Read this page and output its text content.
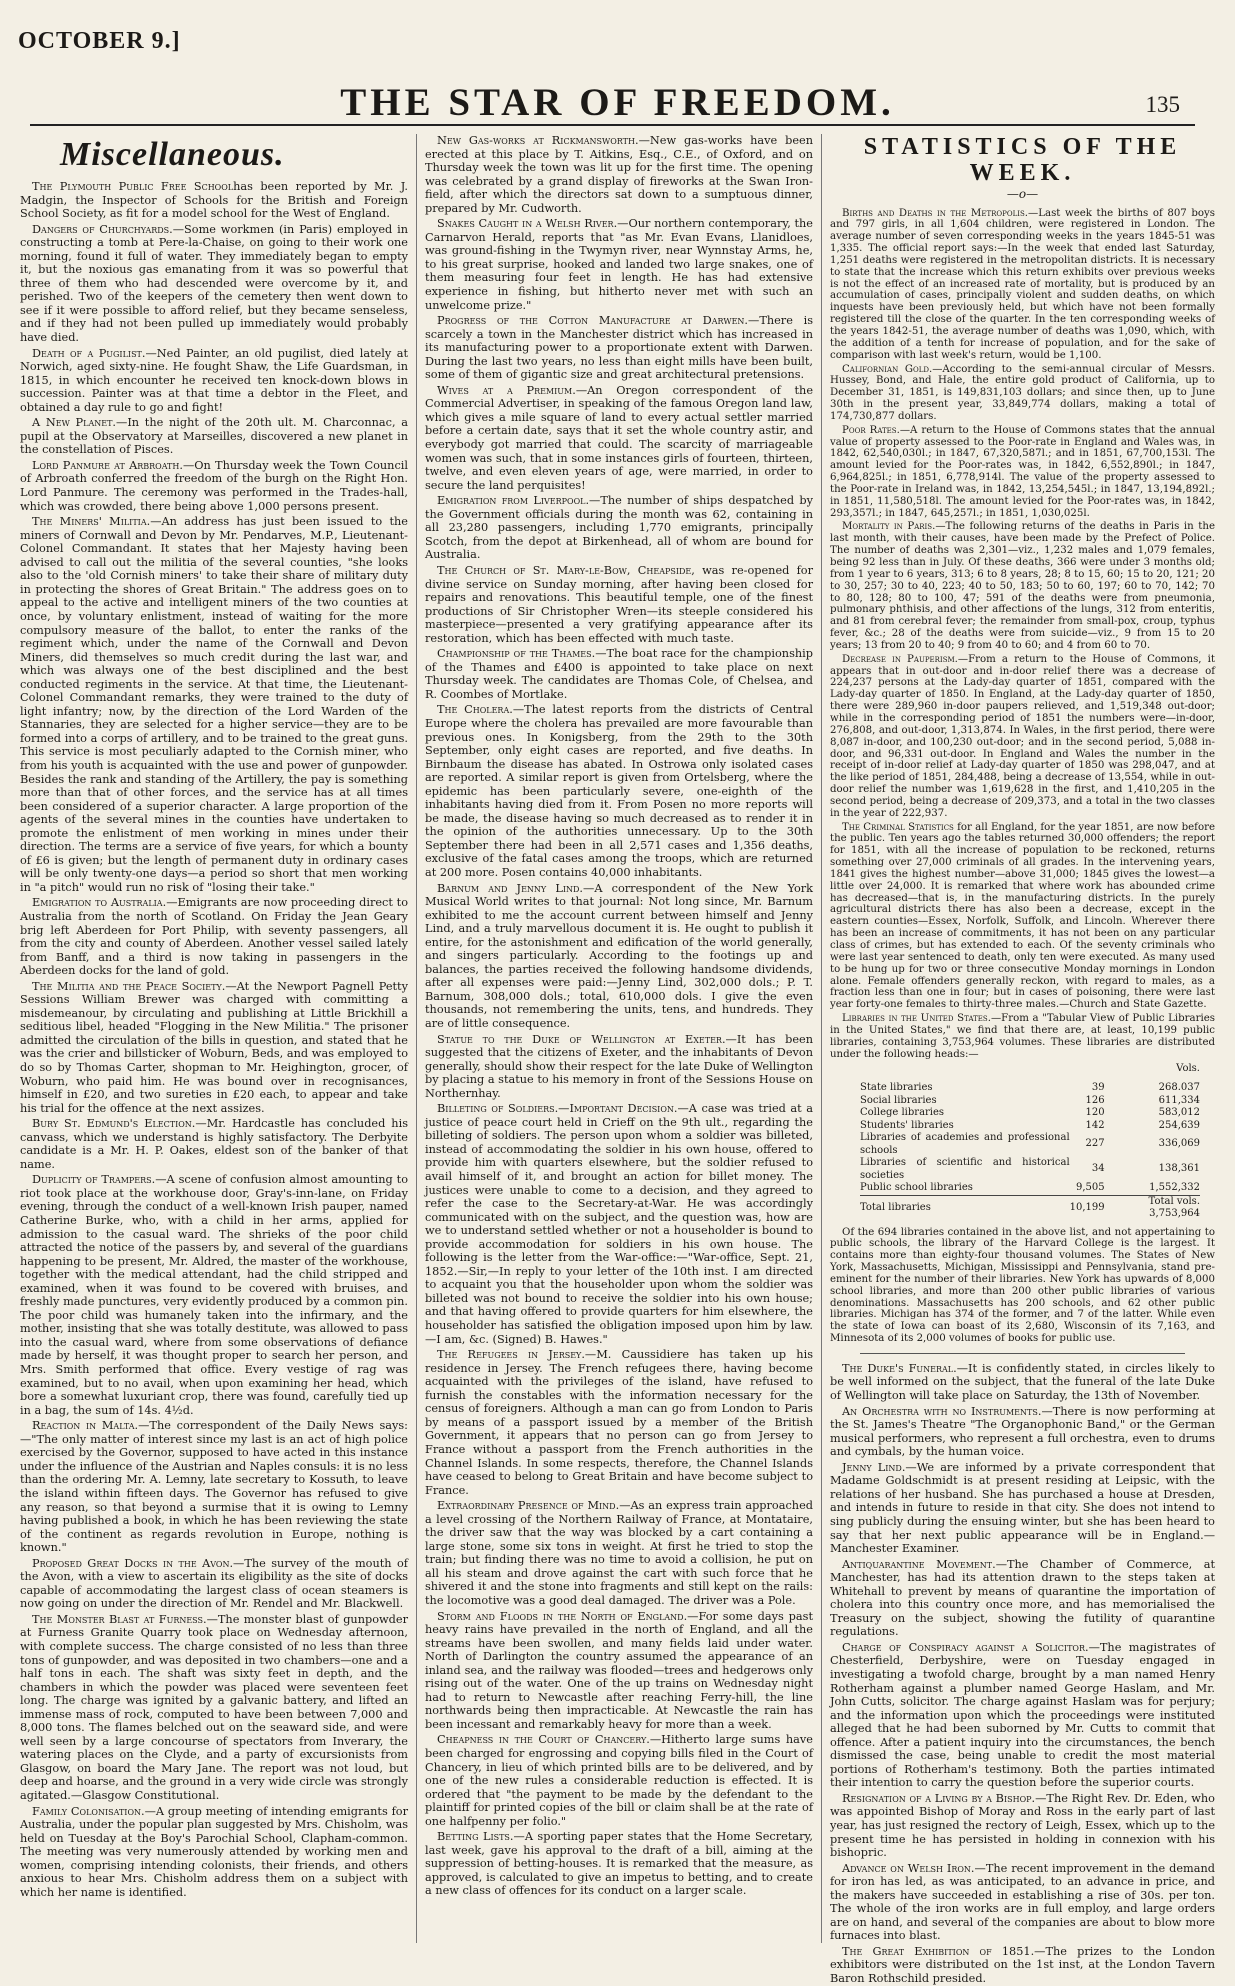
OCTOBER 9.]
THE STAR OF FREEDOM.	135
Miscellaneous.

The Plymouth Public Free Schoolhas been reported by Mr. J. Madgin, the Inspector of Schools for the British and Foreign School Society, as fit for a model school for the West of England.

Dangers of Churchyards.—Some workmen (in Paris) employed in constructing a tomb at Pere-la-Chaise, on going to their work one morning, found it full of water. They immediately began to empty it, but the noxious gas emanating from it was so powerful that three of them who had descended were overcome by it, and perished. Two of the keepers of the cemetery then went down to see if it were possible to afford relief, but they became senseless, and if they had not been pulled up immediately would probably have died.

Death of a Pugilist.—Ned Painter, an old pugilist, died lately at Norwich, aged sixty-nine. He fought Shaw, the Life Guardsman, in 1815, in which encounter he received ten knock-down blows in succession. Painter was at that time a debtor in the Fleet, and obtained a day rule to go and fight!

A New Planet.—In the night of the 20th ult. M. Charconnac, a pupil at the Observatory at Marseilles, discovered a new planet in the constellation of Pisces.

Lord Panmure at Arbroath.—On Thursday week the Town Council of Arbroath conferred the freedom of the burgh on the Right Hon. Lord Panmure. The ceremony was performed in the Trades-hall, which was crowded, there being above 1,000 persons present.

The Miners' Militia.—An address has just been issued to the miners of Cornwall and Devon by Mr. Pendarves, M.P., Lieutenant-Colonel Commandant. It states that her Majesty having been advised to call out the militia of the several counties, "she looks also to the 'old Cornish miners' to take their share of military duty in protecting the shores of Great Britain." The address goes on to appeal to the active and intelligent miners of the two counties at once, by voluntary enlistment, instead of waiting for the more compulsory measure of the ballot, to enter the ranks of the regiment which, under the name of the Cornwall and Devon Miners, did themselves so much credit during the last war, and which was always one of the best disciplined and the best conducted regiments in the service. At that time, the Lieutenant-Colonel Commandant remarks, they were trained to the duty of light infantry; now, by the direction of the Lord Warden of the Stannaries, they are selected for a higher service—they are to be formed into a corps of artillery, and to be trained to the great guns. This service is most peculiarly adapted to the Cornish miner, who from his youth is acquainted with the use and power of gunpowder. Besides the rank and standing of the Artillery, the pay is something more than that of other forces, and the service has at all times been considered of a superior character. A large proportion of the agents of the several mines in the counties have undertaken to promote the enlistment of men working in mines under their direction. The terms are a service of five years, for which a bounty of £6 is given; but the length of permanent duty in ordinary cases will be only twenty-one days—a period so short that men working in "a pitch" would run no risk of "losing their take."

Emigration to Australia.—Emigrants are now proceeding direct to Australia from the north of Scotland. On Friday the Jean Geary brig left Aberdeen for Port Philip, with seventy passengers, all from the city and county of Aberdeen. Another vessel sailed lately from Banff, and a third is now taking in passengers in the Aberdeen docks for the land of gold.

The Militia and the Peace Society.—At the Newport Pagnell Petty Sessions William Brewer was charged with committing a misdemeanour, by circulating and publishing at Little Brickhill a seditious libel, headed "Flogging in the New Militia." The prisoner admitted the circulation of the bills in question, and stated that he was the crier and billsticker of Woburn, Beds, and was employed to do so by Thomas Carter, shopman to Mr. Heighington, grocer, of Woburn, who paid him. He was bound over in recognisances, himself in £20, and two sureties in £20 each, to appear and take his trial for the offence at the next assizes.

Bury St. Edmund's Election.—Mr. Hardcastle has concluded his canvass, which we understand is highly satisfactory. The Derbyite candidate is a Mr. H. P. Oakes, eldest son of the banker of that name.

Duplicity of Trampers.—A scene of confusion almost amounting to riot took place at the workhouse door, Gray's-inn-lane, on Friday evening, through the conduct of a well-known Irish pauper, named Catherine Burke, who, with a child in her arms, applied for admission to the casual ward. The shrieks of the poor child attracted the notice of the passers by, and several of the guardians happening to be present, Mr. Aldred, the master of the workhouse, together with the medical attendant, had the child stripped and examined, when it was found to be covered with bruises, and freshly made punctures, very evidently produced by a common pin. The poor child was humanely taken into the infirmary, and the mother, insisting that she was totally destitute, was allowed to pass into the casual ward, where from some observations of defiance made by herself, it was thought proper to search her person, and Mrs. Smith performed that office. Every vestige of rag was examined, but to no avail, when upon examining her head, which bore a somewhat luxuriant crop, there was found, carefully tied up in a bag, the sum of 14s. 4½d.

Reaction in Malta.—The correspondent of the Daily News says:—"The only matter of interest since my last is an act of high police exercised by the Governor, supposed to have acted in this instance under the influence of the Austrian and Naples consuls: it is no less than the ordering Mr. A. Lemny, late secretary to Kossuth, to leave the island within fifteen days. The Governor has refused to give any reason, so that beyond a surmise that it is owing to Lemny having published a book, in which he has been reviewing the state of the continent as regards revolution in Europe, nothing is known."

Proposed Great Docks in the Avon.—The survey of the mouth of the Avon, with a view to ascertain its eligibility as the site of docks capable of accommodating the largest class of ocean steamers is now going on under the direction of Mr. Rendel and Mr. Blackwell.

The Monster Blast at Furness.—The monster blast of gunpowder at Furness Granite Quarry took place on Wednesday afternoon, with complete success. The charge consisted of no less than three tons of gunpowder, and was deposited in two chambers—one and a half tons in each. The shaft was sixty feet in depth, and the chambers in which the powder was placed were seventeen feet long. The charge was ignited by a galvanic battery, and lifted an immense mass of rock, computed to have been between 7,000 and 8,000 tons. The flames belched out on the seaward side, and were well seen by a large concourse of spectators from Inverary, the watering places on the Clyde, and a party of excursionists from Glasgow, on board the Mary Jane. The report was not loud, but deep and hoarse, and the ground in a very wide circle was strongly agitated.—Glasgow Constitutional.

Family Colonisation.—A group meeting of intending emigrants for Australia, under the popular plan suggested by Mrs. Chisholm, was held on Tuesday at the Boy's Parochial School, Clapham-common. The meeting was very numerously attended by working men and women, comprising intending colonists, their friends, and others anxious to hear Mrs. Chisholm address them on a subject with which her name is identified.

New Gas-works at Rickmansworth.—New gas-works have been erected at this place by T. Aitkins, Esq., C.E., of Oxford, and on Thursday week the town was lit up for the first time. The opening was celebrated by a grand display of fireworks at the Swan Iron-field, after which the directors sat down to a sumptuous dinner, prepared by Mr. Cudworth.

Snakes Caught in a Welsh River.—Our northern contemporary, the Carnarvon Herald, reports that "as Mr. Evan Evans, Llanidloes, was ground-fishing in the Twymyn river, near Wynnstay Arms, he, to his great surprise, hooked and landed two large snakes, one of them measuring four feet in length. He has had extensive experience in fishing, but hitherto never met with such an unwelcome prize."

Progress of the Cotton Manufacture at Darwen.—There is scarcely a town in the Manchester district which has increased in its manufacturing power to a proportionate extent with Darwen. During the last two years, no less than eight mills have been built, some of them of gigantic size and great architectural pretensions.

Wives at a Premium.—An Oregon correspondent of the Commercial Advertiser, in speaking of the famous Oregon land law, which gives a mile square of land to every actual settler married before a certain date, says that it set the whole country astir, and everybody got married that could. The scarcity of marriageable women was such, that in some instances girls of fourteen, thirteen, twelve, and even eleven years of age, were married, in order to secure the land perquisites!

Emigration from Liverpool.—The number of ships despatched by the Government officials during the month was 62, containing in all 23,280 passengers, including 1,770 emigrants, principally Scotch, from the depot at Birkenhead, all of whom are bound for Australia.

The Church of St. Mary-le-Bow, Cheapside, was re-opened for divine service on Sunday morning, after having been closed for repairs and renovations. This beautiful temple, one of the finest productions of Sir Christopher Wren—its steeple considered his masterpiece—presented a very gratifying appearance after its restoration, which has been effected with much taste.

Championship of the Thames.—The boat race for the championship of the Thames and £400 is appointed to take place on next Thursday week. The candidates are Thomas Cole, of Chelsea, and R. Coombes of Mortlake.

The Cholera.—The latest reports from the districts of Central Europe where the cholera has prevailed are more favourable than previous ones. In Konigsberg, from the 29th to the 30th September, only eight cases are reported, and five deaths. In Birnbaum the disease has abated. In Ostrowa only isolated cases are reported. A similar report is given from Ortelsberg, where the epidemic has been particularly severe, one-eighth of the inhabitants having died from it. From Posen no more reports will be made, the disease having so much decreased as to render it in the opinion of the authorities unnecessary. Up to the 30th September there had been in all 2,571 cases and 1,356 deaths, exclusive of the fatal cases among the troops, which are returned at 200 more. Posen contains 40,000 inhabitants.

Barnum and Jenny Lind.—A correspondent of the New York Musical World writes to that journal: Not long since, Mr. Barnum exhibited to me the account current between himself and Jenny Lind, and a truly marvellous document it is. He ought to publish it entire, for the astonishment and edification of the world generally, and singers particularly. According to the footings up and balances, the parties received the following handsome dividends, after all expenses were paid:—Jenny Lind, 302,000 dols.; P. T. Barnum, 308,000 dols.; total, 610,000 dols. I give the even thousands, not remembering the units, tens, and hundreds. They are of little consequence.

Statue to the Duke of Wellington at Exeter.—It has been suggested that the citizens of Exeter, and the inhabitants of Devon generally, should show their respect for the late Duke of Wellington by placing a statue to his memory in front of the Sessions House on Northernhay.

Billeting of Soldiers.—Important Decision.—A case was tried at a justice of peace court held in Crieff on the 9th ult., regarding the billeting of soldiers. The person upon whom a soldier was billeted, instead of accommodating the soldier in his own house, offered to provide him with quarters elsewhere, but the soldier refused to avail himself of it, and brought an action for billet money. The justices were unable to come to a decision, and they agreed to refer the case to the Secretary-at-War. He was accordingly communicated with on the subject, and the question was, how are we to understand settled whether or not a householder is bound to provide accommodation for soldiers in his own house. The following is the letter from the War-office:—"War-office, Sept. 21, 1852.—Sir,—In reply to your letter of the 10th inst. I am directed to acquaint you that the householder upon whom the soldier was billeted was not bound to receive the soldier into his own house; and that having offered to provide quarters for him elsewhere, the householder has satisfied the obligation imposed upon him by law.—I am, &c. (Signed) B. Hawes."

The Refugees in Jersey.—M. Caussidiere has taken up his residence in Jersey. The French refugees there, having become acquainted with the privileges of the island, have refused to furnish the constables with the information necessary for the census of foreigners. Although a man can go from London to Paris by means of a passport issued by a member of the British Government, it appears that no person can go from Jersey to France without a passport from the French authorities in the Channel Islands. In some respects, therefore, the Channel Islands have ceased to belong to Great Britain and have become subject to France.

Extraordinary Presence of Mind.—As an express train approached a level crossing of the Northern Railway of France, at Montataire, the driver saw that the way was blocked by a cart containing a large stone, some six tons in weight. At first he tried to stop the train; but finding there was no time to avoid a collision, he put on all his steam and drove against the cart with such force that he shivered it and the stone into fragments and still kept on the rails: the locomotive was a good deal damaged. The driver was a Pole.

Storm and Floods in the North of England.—For some days past heavy rains have prevailed in the north of England, and all the streams have been swollen, and many fields laid under water. North of Darlington the country assumed the appearance of an inland sea, and the railway was flooded—trees and hedgerows only rising out of the water. One of the up trains on Wednesday night had to return to Newcastle after reaching Ferry-hill, the line northwards being then impracticable. At Newcastle the rain has been incessant and remarkably heavy for more than a week.

Cheapness in the Court of Chancery.—Hitherto large sums have been charged for engrossing and copying bills filed in the Court of Chancery, in lieu of which printed bills are to be delivered, and by one of the new rules a considerable reduction is effected. It is ordered that "the payment to be made by the defendant to the plaintiff for printed copies of the bill or claim shall be at the rate of one halfpenny per folio."

Betting Lists.—A sporting paper states that the Home Secretary, last week, gave his approval to the draft of a bill, aiming at the suppression of betting-houses. It is remarked that the measure, as approved, is calculated to give an impetus to betting, and to create a new class of offences for its conduct on a larger scale.

STATISTICS OF THE WEEK.
—o—

Births and Deaths in the Metropolis.—Last week the births of 807 boys and 797 girls, in all 1,604 children, were registered in London. The average number of seven corresponding weeks in the years 1845-51 was 1,335. The official report says:—In the week that ended last Saturday, 1,251 deaths were registered in the metropolitan districts. It is necessary to state that the increase which this return exhibits over previous weeks is not the effect of an increased rate of mortality, but is produced by an accumulation of cases, principally violent and sudden deaths, on which inquests have been previously held, but which have not been formally registered till the close of the quarter. In the ten corresponding weeks of the years 1842-51, the average number of deaths was 1,090, which, with the addition of a tenth for increase of population, and for the sake of comparison with last week's return, would be 1,100.

Californian Gold.—According to the semi-annual circular of Messrs. Hussey, Bond, and Hale, the entire gold product of California, up to December 31, 1851, is 149,831,103 dollars; and since then, up to June 30th in the present year, 33,849,774 dollars, making a total of 174,730,877 dollars.

Poor Rates.—A return to the House of Commons states that the annual value of property assessed to the Poor-rate in England and Wales was, in 1842, 62,540,030l.; in 1847, 67,320,587l.; and in 1851, 67,700,153l. The amount levied for the Poor-rates was, in 1842, 6,552,890l.; in 1847, 6,964,825l.; in 1851, 6,778,914l. The value of the property assessed to the Poor-rate in Ireland was, in 1842, 13,254,545l.; in 1847, 13,194,892l.; in 1851, 11,580,518l. The amount levied for the Poor-rates was, in 1842, 293,357l.; in 1847, 645,257l.; in 1851, 1,030,025l.

Mortality in Paris.—The following returns of the deaths in Paris in the last month, with their causes, have been made by the Prefect of Police. The number of deaths was 2,301—viz., 1,232 males and 1,079 females, being 92 less than in July. Of these deaths, 366 were under 3 months old; from 1 year to 6 years, 313; 6 to 8 years, 28; 8 to 15, 60; 15 to 20, 121; 20 to 30, 257; 30 to 40, 223; 40 to 50, 183; 50 to 60, 197; 60 to 70, 142; 70 to 80, 128; 80 to 100, 47; 591 of the deaths were from pneumonia, pulmonary phthisis, and other affections of the lungs, 312 from enteritis, and 81 from cerebral fever; the remainder from small-pox, croup, typhus fever, &c.; 28 of the deaths were from suicide—viz., 9 from 15 to 20 years; 13 from 20 to 40; 9 from 40 to 60; and 4 from 60 to 70.

Decrease in Pauperism.—From a return to the House of Commons, it appears that in out-door and in-door relief there was a decrease of 224,237 persons at the Lady-day quarter of 1851, compared with the Lady-day quarter of 1850. In England, at the Lady-day quarter of 1850, there were 289,960 in-door paupers relieved, and 1,519,348 out-door; while in the corresponding period of 1851 the numbers were—in-door, 276,808, and out-door, 1,313,874. In Wales, in the first period, there were 8,087 in-door, and 100,230 out-door; and in the second period, 5,088 in-door, and 96,331 out-door. In England and Wales the number in the receipt of in-door relief at Lady-day quarter of 1850 was 298,047, and at the like period of 1851, 284,488, being a decrease of 13,554, while in out-door relief the number was 1,619,628 in the first, and 1,410,205 in the second period, being a decrease of 209,373, and a total in the two classes in the year of 222,937.

The Criminal Statistics for all England, for the year 1851, are now before the public. Ten years ago the tables returned 30,000 offenders; the report for 1851, with all the increase of population to be reckoned, returns something over 27,000 criminals of all grades. In the intervening years, 1841 gives the highest number—above 31,000; 1845 gives the lowest—a little over 24,000. It is remarked that where work has abounded crime has decreased—that is, in the manufacturing districts. In the purely agricultural districts there has also been a decrease, except in the eastern counties—Essex, Norfolk, Suffolk, and Lincoln. Wherever there has been an increase of commitments, it has not been on any particular class of crimes, but has extended to each. Of the seventy criminals who were last year sentenced to death, only ten were executed. As many used to be hung up for two or three consecutive Monday mornings in London alone. Female offenders generally reckon, with regard to males, as a fraction less than one in four; but in cases of poisoning, there were last year forty-one females to thirty-three males.—Church and State Gazette.

Libraries in the United States.—From a "Tabular View of Public Libraries in the United States," we find that there are, at least, 10,199 public libraries, containing 3,753,964 volumes. These libraries are distributed under the following heads:—

Vols.
State libraries	39	268.037
Social libraries	126	611,334
College libraries	120	583,012
Students' libraries	142	254,639
Libraries of academies and professional schools	227	336,069
Libraries of scientific and historical societies	34	138,361
Public school libraries	9,505	1,552,332
Total libraries	10,199	Total vols. 3,753,964

Of the 694 libraries contained in the above list, and not appertaining to public schools, the library of the Harvard College is the largest. It contains more than eighty-four thousand volumes. The States of New York, Massachusetts, Michigan, Mississippi and Pennsylvania, stand pre-eminent for the number of their libraries. New York has upwards of 8,000 school libraries, and more than 200 other public libraries of various denominations. Massachusetts has 200 schools, and 62 other public libraries. Michigan has 374 of the former, and 7 of the latter. While even the state of Iowa can boast of its 2,680, Wisconsin of its 7,163, and Minnesota of its 2,000 volumes of books for public use.

The Duke's Funeral.—It is confidently stated, in circles likely to be well informed on the subject, that the funeral of the late Duke of Wellington will take place on Saturday, the 13th of November.

An Orchestra with no Instruments.—There is now performing at the St. James's Theatre "The Organophonic Band," or the German musical performers, who represent a full orchestra, even to drums and cymbals, by the human voice.

Jenny Lind.—We are informed by a private correspondent that Madame Goldschmidt is at present residing at Leipsic, with the relations of her husband. She has purchased a house at Dresden, and intends in future to reside in that city. She does not intend to sing publicly during the ensuing winter, but she has been heard to say that her next public appearance will be in England.—Manchester Examiner.

Antiquarantine Movement.—The Chamber of Commerce, at Manchester, has had its attention drawn to the steps taken at Whitehall to prevent by means of quarantine the importation of cholera into this country once more, and has memorialised the Treasury on the subject, showing the futility of quarantine regulations.

Charge of Conspiracy against a Solicitor.—The magistrates of Chesterfield, Derbyshire, were on Tuesday engaged in investigating a twofold charge, brought by a man named Henry Rotherham against a plumber named George Haslam, and Mr. John Cutts, solicitor. The charge against Haslam was for perjury; and the information upon which the proceedings were instituted alleged that he had been suborned by Mr. Cutts to commit that offence. After a patient inquiry into the circumstances, the bench dismissed the case, being unable to credit the most material portions of Rotherham's testimony. Both the parties intimated their intention to carry the question before the superior courts.

Resignation of a Living by a Bishop.—The Right Rev. Dr. Eden, who was appointed Bishop of Moray and Ross in the early part of last year, has just resigned the rectory of Leigh, Essex, which up to the present time he has persisted in holding in connexion with his bishopric.

Advance on Welsh Iron.—The recent improvement in the demand for iron has led, as was anticipated, to an advance in price, and the makers have succeeded in establishing a rise of 30s. per ton. The whole of the iron works are in full employ, and large orders are on hand, and several of the companies are about to blow more furnaces into blast.

The Great Exhibition of 1851.—The prizes to the London exhibitors were distributed on the 1st inst, at the London Tavern Baron Rothschild presided.
